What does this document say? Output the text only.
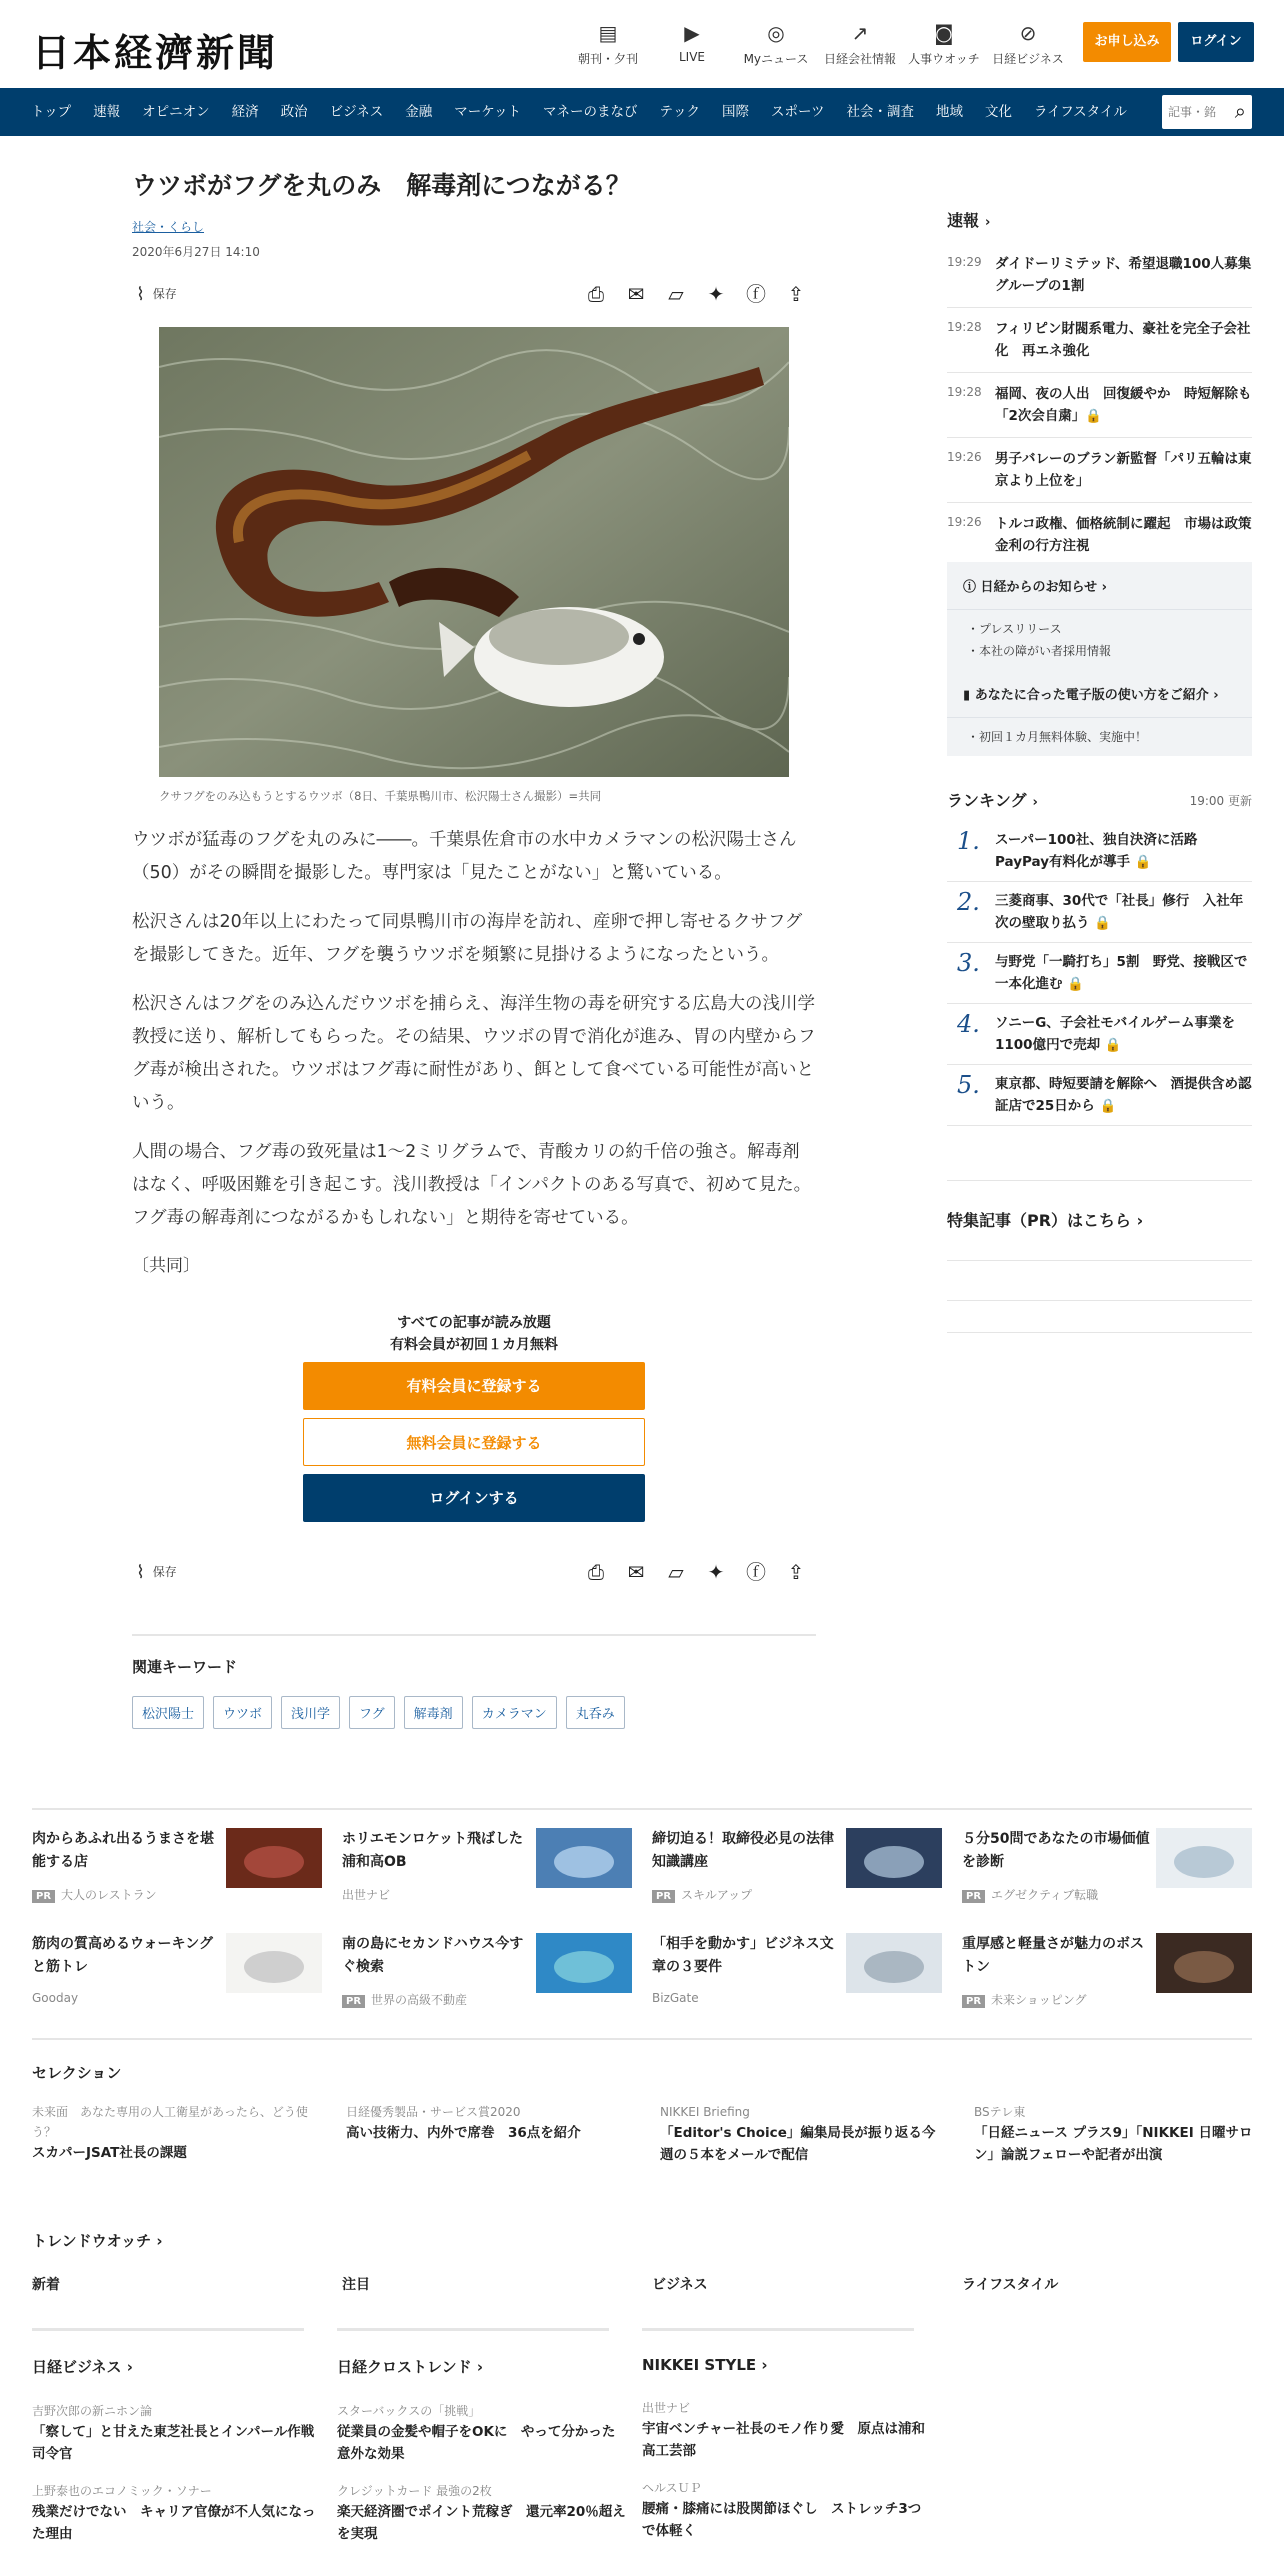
日本経濟新聞	▤
朝刊・夕刊
▶
LIVE
◎
Myニュース
↗
日経会社情報
◙
人事ウオッチ
⊘
日経ビジネス
お申し込み	ログイン
トップ	速報	オピニオン	経済	政治	ビジネス	金融	マーケット	マネーのまなび	テック	国際	スポーツ	社会・調査	地域	文化	ライフスタイル
記事・銘	⌕
ウツボがフグを丸のみ　解毒剤につながる？
社会・くらし
2020年6月27日 14:10
⌇ 保存	⎙	✉	▱	✦	ⓕ	⇪
クサフグをのみ込もうとするウツボ（8日、千葉県鴨川市、松沢陽士さん撮影）=共同

ウツボが猛毒のフグを丸のみに――。千葉県佐倉市の水中カメラマンの松沢陽士さん（50）がその瞬間を撮影した。専門家は「見たことがない」と驚いている。

松沢さんは20年以上にわたって同県鴨川市の海岸を訪れ、産卵で押し寄せるクサフグを撮影してきた。近年、フグを襲うウツボを頻繁に見掛けるようになったという。

松沢さんはフグをのみ込んだウツボを捕らえ、海洋生物の毒を研究する広島大の浅川学教授に送り、解析してもらった。その結果、ウツボの胃で消化が進み、胃の内壁からフグ毒が検出された。ウツボはフグ毒に耐性があり、餌として食べている可能性が高いという。

人間の場合、フグ毒の致死量は1～2ミリグラムで、青酸カリの約千倍の強さ。解毒剤はなく、呼吸困難を引き起こす。浅川教授は「インパクトのある写真で、初めて見た。フグ毒の解毒剤につながるかもしれない」と期待を寄せている。

〔共同〕
すべての記事が読み放題
有料会員が初回１カ月無料
有料会員に登録する
無料会員に登録する
ログインする
⌇ 保存	⎙	✉	▱	✦	ⓕ	⇪
関連キーワード
松沢陽士	ウツボ	浅川学	フグ	解毒剤	カメラマン	丸呑み
速報 ›
19:29 ダイドーリミテッド、希望退職100人募集 グループの1割
19:28 フィリピン財閥系電力、豪社を完全子会社化　再エネ強化
19:28 福岡、夜の人出　回復緩やか　時短解除も「2次会自粛」🔒
19:26 男子バレーのブラン新監督「パリ五輪は東京より上位を」
19:26 トルコ政権、価格統制に躍起　市場は政策金利の行方注視
ⓘ 日経からのお知らせ ›
・ プレスリリース
・ 本社の障がい者採用情報
▮ あなたに合った電子版の使い方をご紹介 ›
・ 初回１カ月無料体験、実施中！
ランキング ›	19:00 更新
1. スーパー100社、独自決済に活路　PayPay有料化が導手 🔒
2. 三菱商事、30代で「社長」修行　入社年次の壁取り払う 🔒
3. 与野党「一騎打ち」5割　野党、接戦区で一本化進む 🔒
4. ソニーG、子会社モバイルゲーム事業を1100億円で売却 🔒
5. 東京都、時短要請を解除へ　酒提供含め認証店で25日から 🔒
特集記事（PR）はこちら ›
肉からあふれ出るうまさを堪能する店
PR 大人のレストラン
ホリエモンロケット飛ばした浦和高OB
出世ナビ
締切迫る！取締役必見の法律知識講座
PR スキルアップ
５分50問であなたの市場価値を診断
PR エグゼクティブ転職
筋肉の質高めるウォーキングと筋トレ
Gooday
南の島にセカンドハウス今すぐ検索
PR 世界の高級不動産
「相手を動かす」ビジネス文章の３要件
BizGate
重厚感と軽量さが魅力のボストン
PR 未来ショッピング
セレクション
未来面　あなた専用の人工衛星があったら、どう使う？
スカパーJSAT社長の課題
日経優秀製品・サービス賞2020
高い技術力、内外で席巻　36点を紹介
NIKKEI Briefing
「Editor's Choice」編集局長が振り返る今週の５本をメールで配信
BSテレ東
「日経ニュース プラス9」「NIKKEI 日曜サロン」論説フェローや記者が出演
トレンドウオッチ ›
新着	注目	ビジネス	ライフスタイル
日経ビジネス ›
吉野次郎の新ニホン論
「察して」と甘えた東芝社長とインパール作戦司令官
上野泰也のエコノミック・ソナー
残業だけでない　キャリア官僚が不人気になった理由
日経クロストレンド ›
スターバックスの「挑戦」
従業員の金髪や帽子をOKに　やって分かった意外な効果
クレジットカード 最強の2枚
楽天経済圏でポイント荒稼ぎ　還元率20％超えを実現
NIKKEI STYLE ›
出世ナビ
宇宙ベンチャー社長のモノ作り愛　原点は浦和高工芸部
ヘルスＵＰ
腰痛・膝痛には股関節ほぐし　ストレッチ3つで体軽く
